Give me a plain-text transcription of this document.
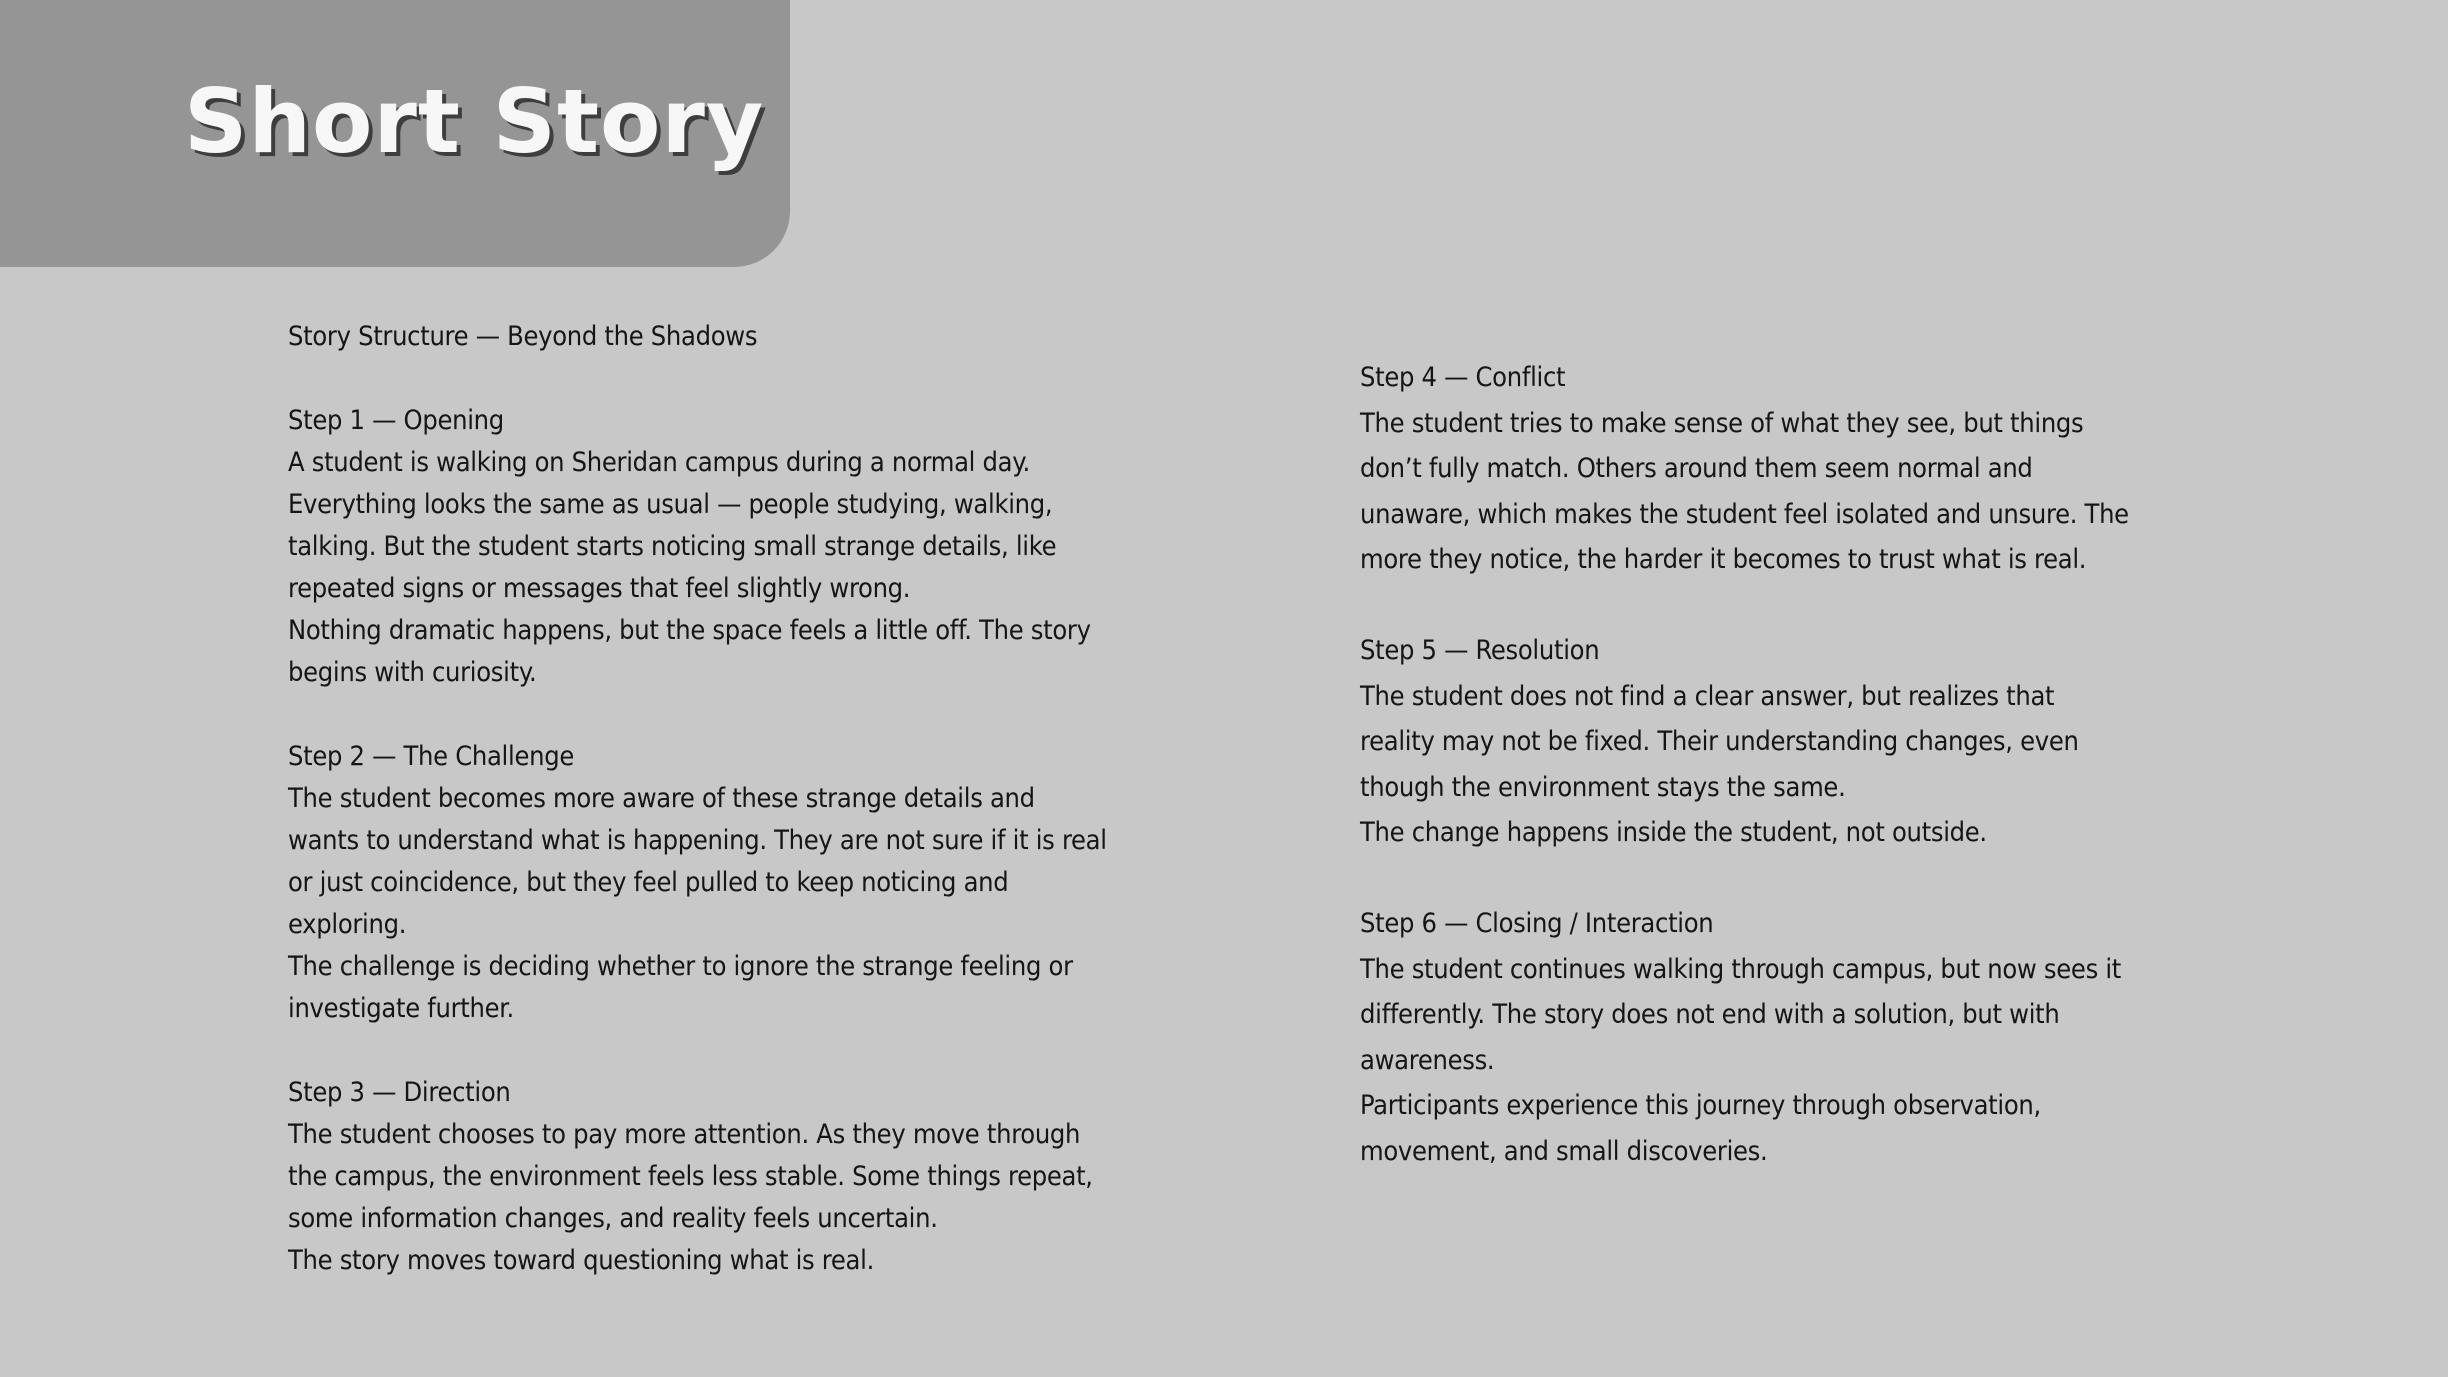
Short Story

Story Structure — Beyond the Shadows

Step 1 — Opening

A student is walking on Sheridan campus during a normal day. Everything looks the same as usual — people studying, walking, talking. But the student starts noticing small strange details, like repeated signs or messages that feel slightly wrong.

Nothing dramatic happens, but the space feels a little off. The story begins with curiosity.

Step 2 — The Challenge

The student becomes more aware of these strange details and wants to understand what is happening. They are not sure if it is real or just coincidence, but they feel pulled to keep noticing and exploring.

The challenge is deciding whether to ignore the strange feeling or investigate further.

Step 3 — Direction

The student chooses to pay more attention. As they move through the campus, the environment feels less stable. Some things repeat, some information changes, and reality feels uncertain.

The story moves toward questioning what is real.

Step 4 — Conflict

The student tries to make sense of what they see, but things don’t fully match. Others around them seem normal and unaware, which makes the student feel isolated and unsure. The more they notice, the harder it becomes to trust what is real.

Step 5 — Resolution

The student does not find a clear answer, but realizes that reality may not be fixed. Their understanding changes, even though the environment stays the same.

The change happens inside the student, not outside.

Step 6 — Closing / Interaction

The student continues walking through campus, but now sees it differently. The story does not end with a solution, but with awareness.

Participants experience this journey through observation, movement, and small discoveries.
